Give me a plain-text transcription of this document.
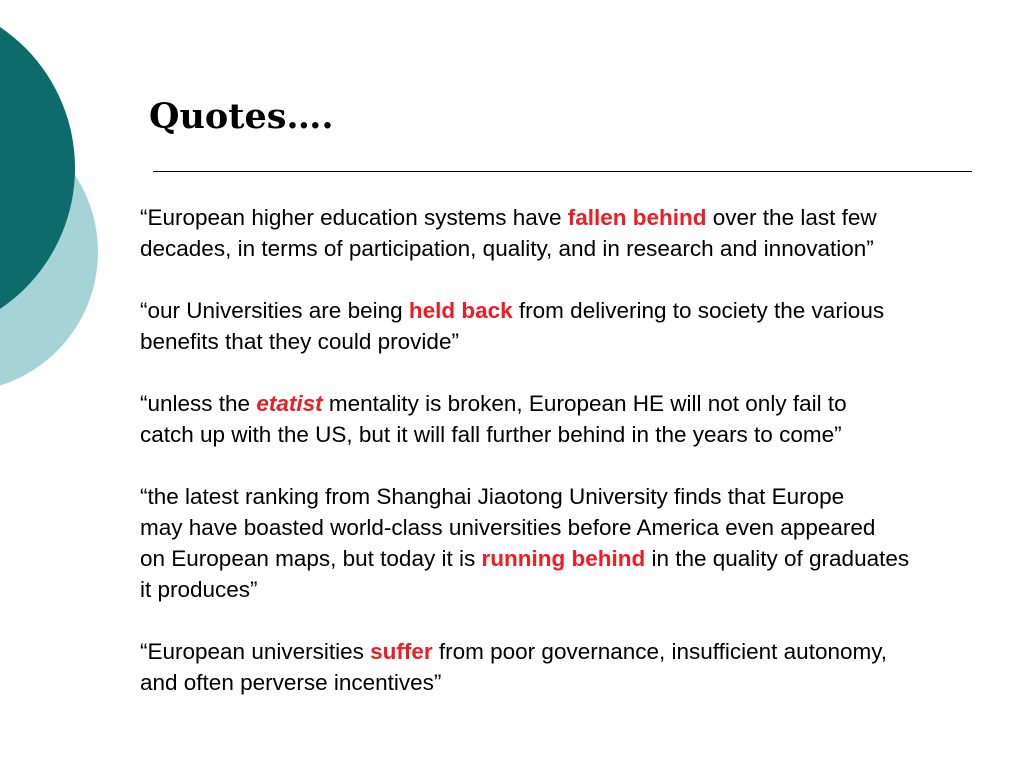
Quotes….
“European higher education systems have fallen behind over the last few
decades, in terms of participation, quality, and in research and innovation”
“our Universities are being held back from delivering to society the various
benefits that they could provide”
“unless the etatist mentality is broken, European HE will not only fail to
catch up with the US, but it will fall further behind in the years to come”
“the latest ranking from Shanghai Jiaotong University finds that Europe
may have boasted world-class universities before America even appeared
on European maps, but today it is running behind in the quality of graduates
it produces”
“European universities suffer from poor governance, insufficient autonomy,
and often perverse incentives”
